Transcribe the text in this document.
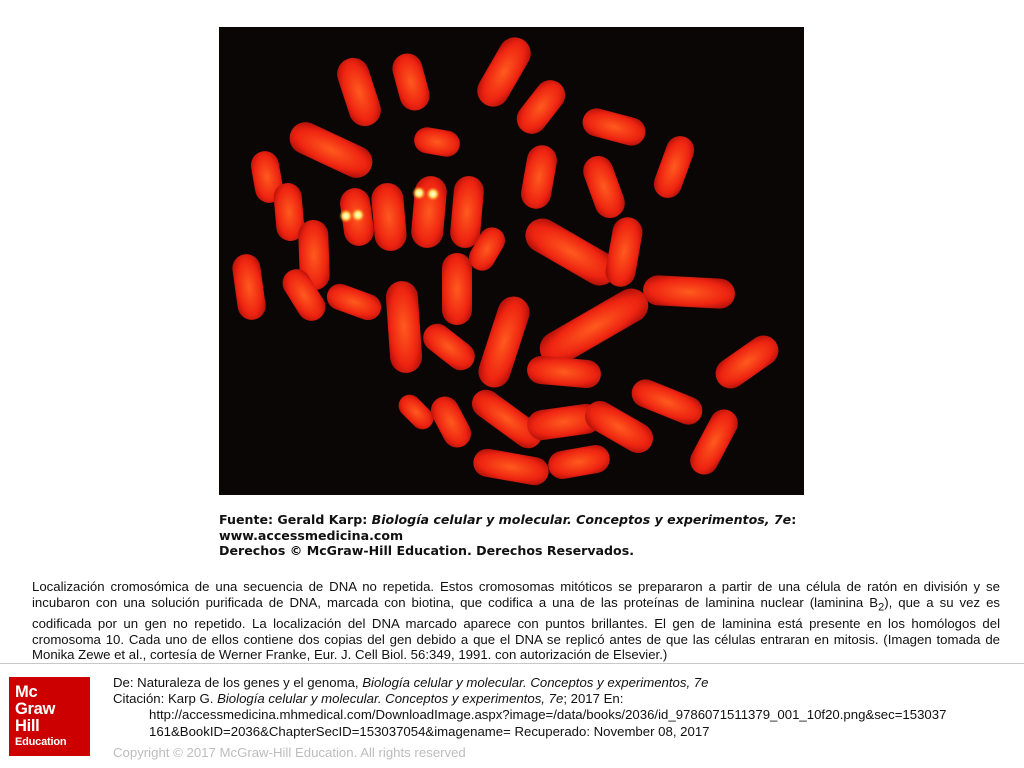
Fuente: Gerald Karp: Biología celular y molecular. Conceptos y experimentos, 7e:
www.accessmedicina.com
Derechos © McGraw-Hill Education. Derechos Reservados.
Localización cromosómica de una secuencia de DNA no repetida. Estos cromosomas mitóticos se prepararon a partir de una célula de ratón en división y se incubaron con una solución purificada de DNA, marcada con biotina, que codifica a una de las proteínas de laminina nuclear (laminina $B_2$), que a su vez es codificada por un gen no repetido. La localización del DNA marcado aparece con puntos brillantes. El gen de laminina está presente en los homólogos del cromosoma 10. Cada uno de ellos contiene dos copias del gen debido a que el DNA se replicó antes de que las células entraran en mitosis. (Imagen tomada de Monika Zewe et al., cortesía de Werner Franke, Eur. J. Cell Biol. 56:349, 1991. con autorización de Elsevier.)
Mc
Graw
Hill
Education
De: Naturaleza de los genes y el genoma, Biología celular y molecular. Conceptos y experimentos, 7e
Citación: Karp G. Biología celular y molecular. Conceptos y experimentos, 7e; 2017 En:
http://accessmedicina.mhmedical.com/DownloadImage.aspx?image=/data/books/2036/id_9786071511379_001_10f20.png&sec=153037
161&BookID=2036&ChapterSecID=153037054&imagename= Recuperado: November 08, 2017
Copyright © 2017 McGraw-Hill Education. All rights reserved
